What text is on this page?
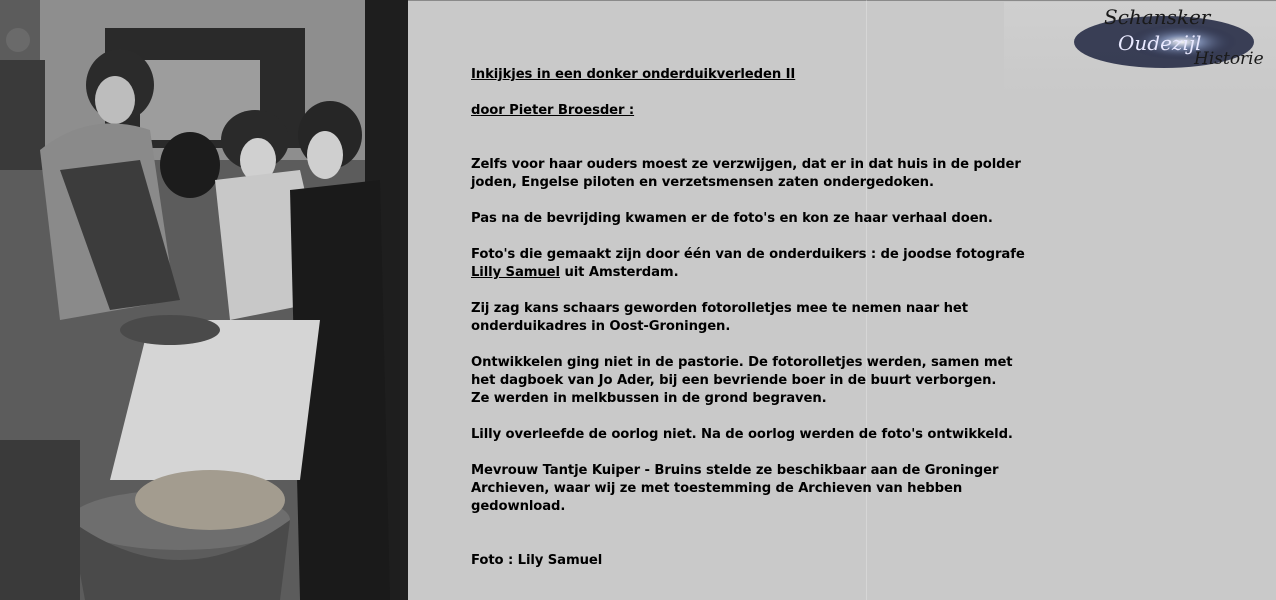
Schansker
Oudezijl
Historie

Inkijkjes in een donker onderduikverleden II

door Pieter Broesder :

Zelfs voor haar ouders moest ze verzwijgen, dat er in dat huis in de polder

joden, Engelse piloten en verzetsmensen zaten ondergedoken.

Pas na de bevrijding kwamen er de foto's en kon ze haar verhaal doen.

Foto's die gemaakt zijn door één van de onderduikers : de joodse fotografe

Lilly Samuel uit Amsterdam.

Zij zag kans schaars geworden fotorolletjes mee te nemen naar het

onderduikadres in Oost-Groningen.

Ontwikkelen ging niet in de pastorie. De fotorolletjes werden, samen met

het dagboek van Jo Ader, bij een bevriende boer in de buurt verborgen.

Ze werden in melkbussen in de grond begraven.

Lilly overleefde de oorlog niet. Na de oorlog werden de foto's ontwikkeld.

Mevrouw Tantje Kuiper - Bruins stelde ze beschikbaar aan de Groninger

Archieven, waar wij ze met toestemming de Archieven van hebben

gedownload.

Foto : Lily Samuel
